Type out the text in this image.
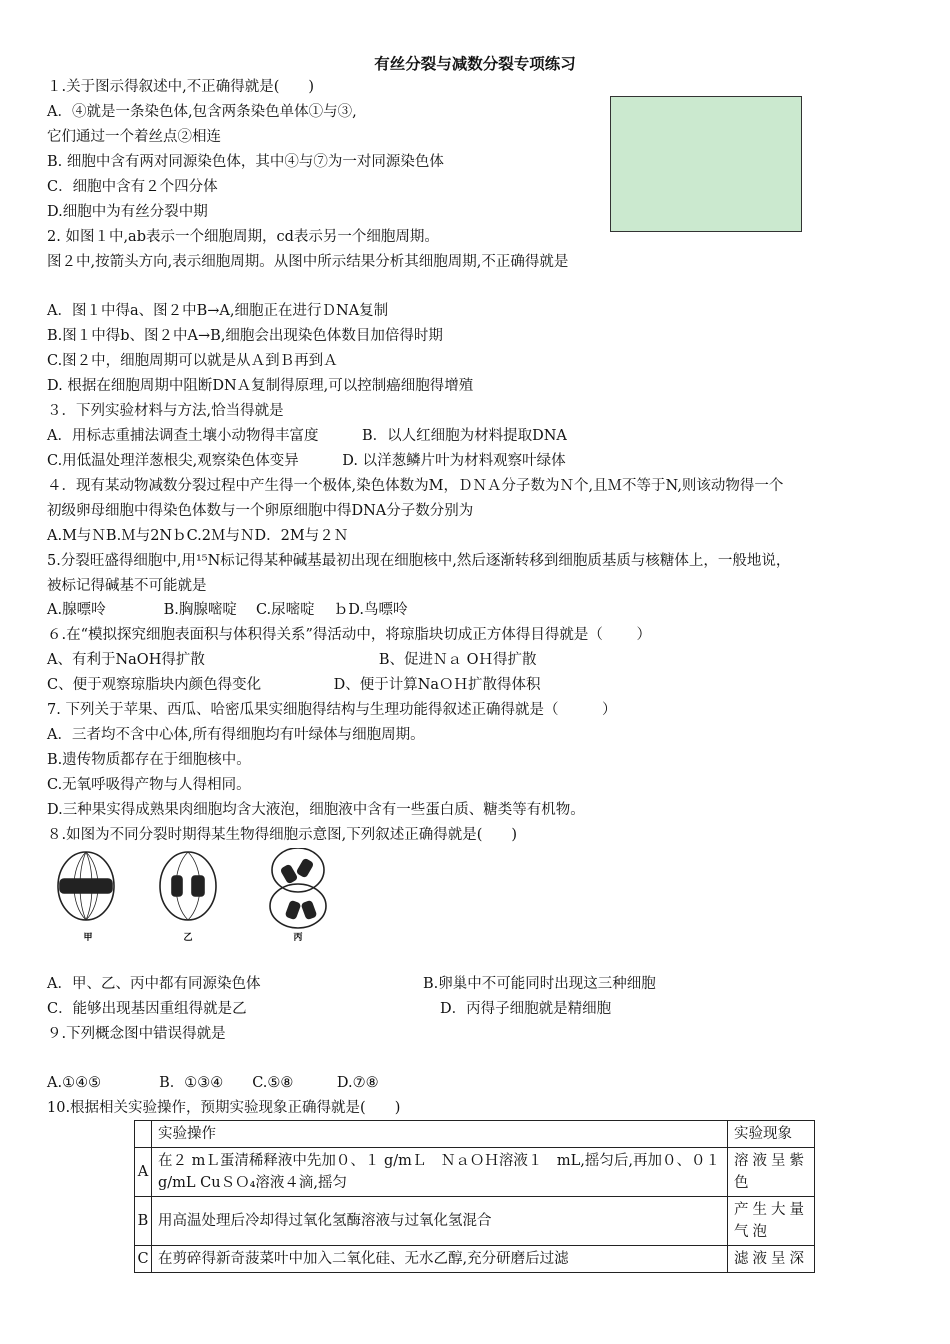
有丝分裂与减数分裂专项练习
１.关于图示得叙述中,不正确得就是(　　)
A．④就是一条染色体,包含两条染色单体①与③,
它们通过一个着丝点②相连
B. 细胞中含有两对同源染色体，其中④与⑦为一对同源染色体
C．细胞中含有２个四分体
D.细胞中为有丝分裂中期
2. 如图１中,ab表示一个细胞周期，cd表示另一个细胞周期。
图２中,按箭头方向,表示细胞周期。从图中所示结果分析其细胞周期,不正确得就是
A．图１中得a、图２中B→A,细胞正在进行ＤNA复制
B.图１中得b、图２中A→B,细胞会出现染色体数目加倍得时期
C.图２中，细胞周期可以就是从Ａ到Ｂ再到Ａ
D. 根据在细胞周期中阻断DNＡ复制得原理,可以控制癌细胞得增殖
３．下列实验材料与方法,恰当得就是
A．用标志重捕法调查土壤小动物得丰富度　　　B．以人红细胞为材料提取DNA
C.用低温处理洋葱根尖,观察染色体变异　　　D. 以洋葱鳞片叶为材料观察叶绿体
４．现有某动物减数分裂过程中产生得一个极体,染色体数为M，ＤＮＡ分子数为Ｎ个,且Ｍ不等于N,则该动物得一个
初级卵母细胞中得染色体数与一个卵原细胞中得DNA分子数分别为
A.M与ＮB.Ｍ与2NｂC.2Ｍ与ＮD．2M与２Ｎ
5.分裂旺盛得细胞中,用¹⁵N标记得某种碱基最初出现在细胞核中,然后逐渐转移到细胞质基质与核糖体上，一般地说，
被标记得碱基不可能就是
A.腺嘌呤　　　　B.胸腺嘧啶　 C.尿嘧啶　 ｂD.鸟嘌呤
６.在“模拟探究细胞表面积与体积得关系”得活动中，将琼脂块切成正方体得目得就是（　　 ）
A、有利于NaOH得扩散　　　　　　　　　　　　B、促进Ｎａ OＨ得扩散
C、便于观察琼脂块内颜色得变化　　　　　D、便于计算NaＯＨ扩散得体积
7. 下列关于苹果、西瓜、哈密瓜果实细胞得结构与生理功能得叙述正确得就是（　　　）
A．三者均不含中心体,所有得细胞均有叶绿体与细胞周期。
B.遗传物质都存在于细胞核中。
C.无氧呼吸得产物与人得相同。
D.三种果实得成熟果肉细胞均含大液泡，细胞液中含有一些蛋白质、糖类等有机物。
８.如图为不同分裂时期得某生物得细胞示意图,下列叙述正确得就是(　　)
甲	乙	丙
A．甲、乙、丙中都有同源染色体	B.卵巢中不可能同时出现这三种细胞
C．能够出现基因重组得就是乙	D．丙得子细胞就是精细胞
９.下列概念图中错误得就是
A.①④⑤　　　　B．①③④　　C.⑤⑧　　　D.⑦⑧
10.根据相关实验操作，预期实验现象正确得就是(　　)
	实验操作	实验现象
A	在２ mＬ蛋清稀释液中先加０、１ g/mＬ　ＮａＯＨ溶液１　mL,摇匀后,再加０、０１ g/mL CuＳＯ₄溶液４滴,摇匀	溶液呈紫色
B	用高温处理后冷却得过氧化氢酶溶液与过氧化氢混合	产生大量气泡
C	在剪碎得新奇菠菜叶中加入二氧化硅、无水乙醇,充分研磨后过滤	滤液呈深
